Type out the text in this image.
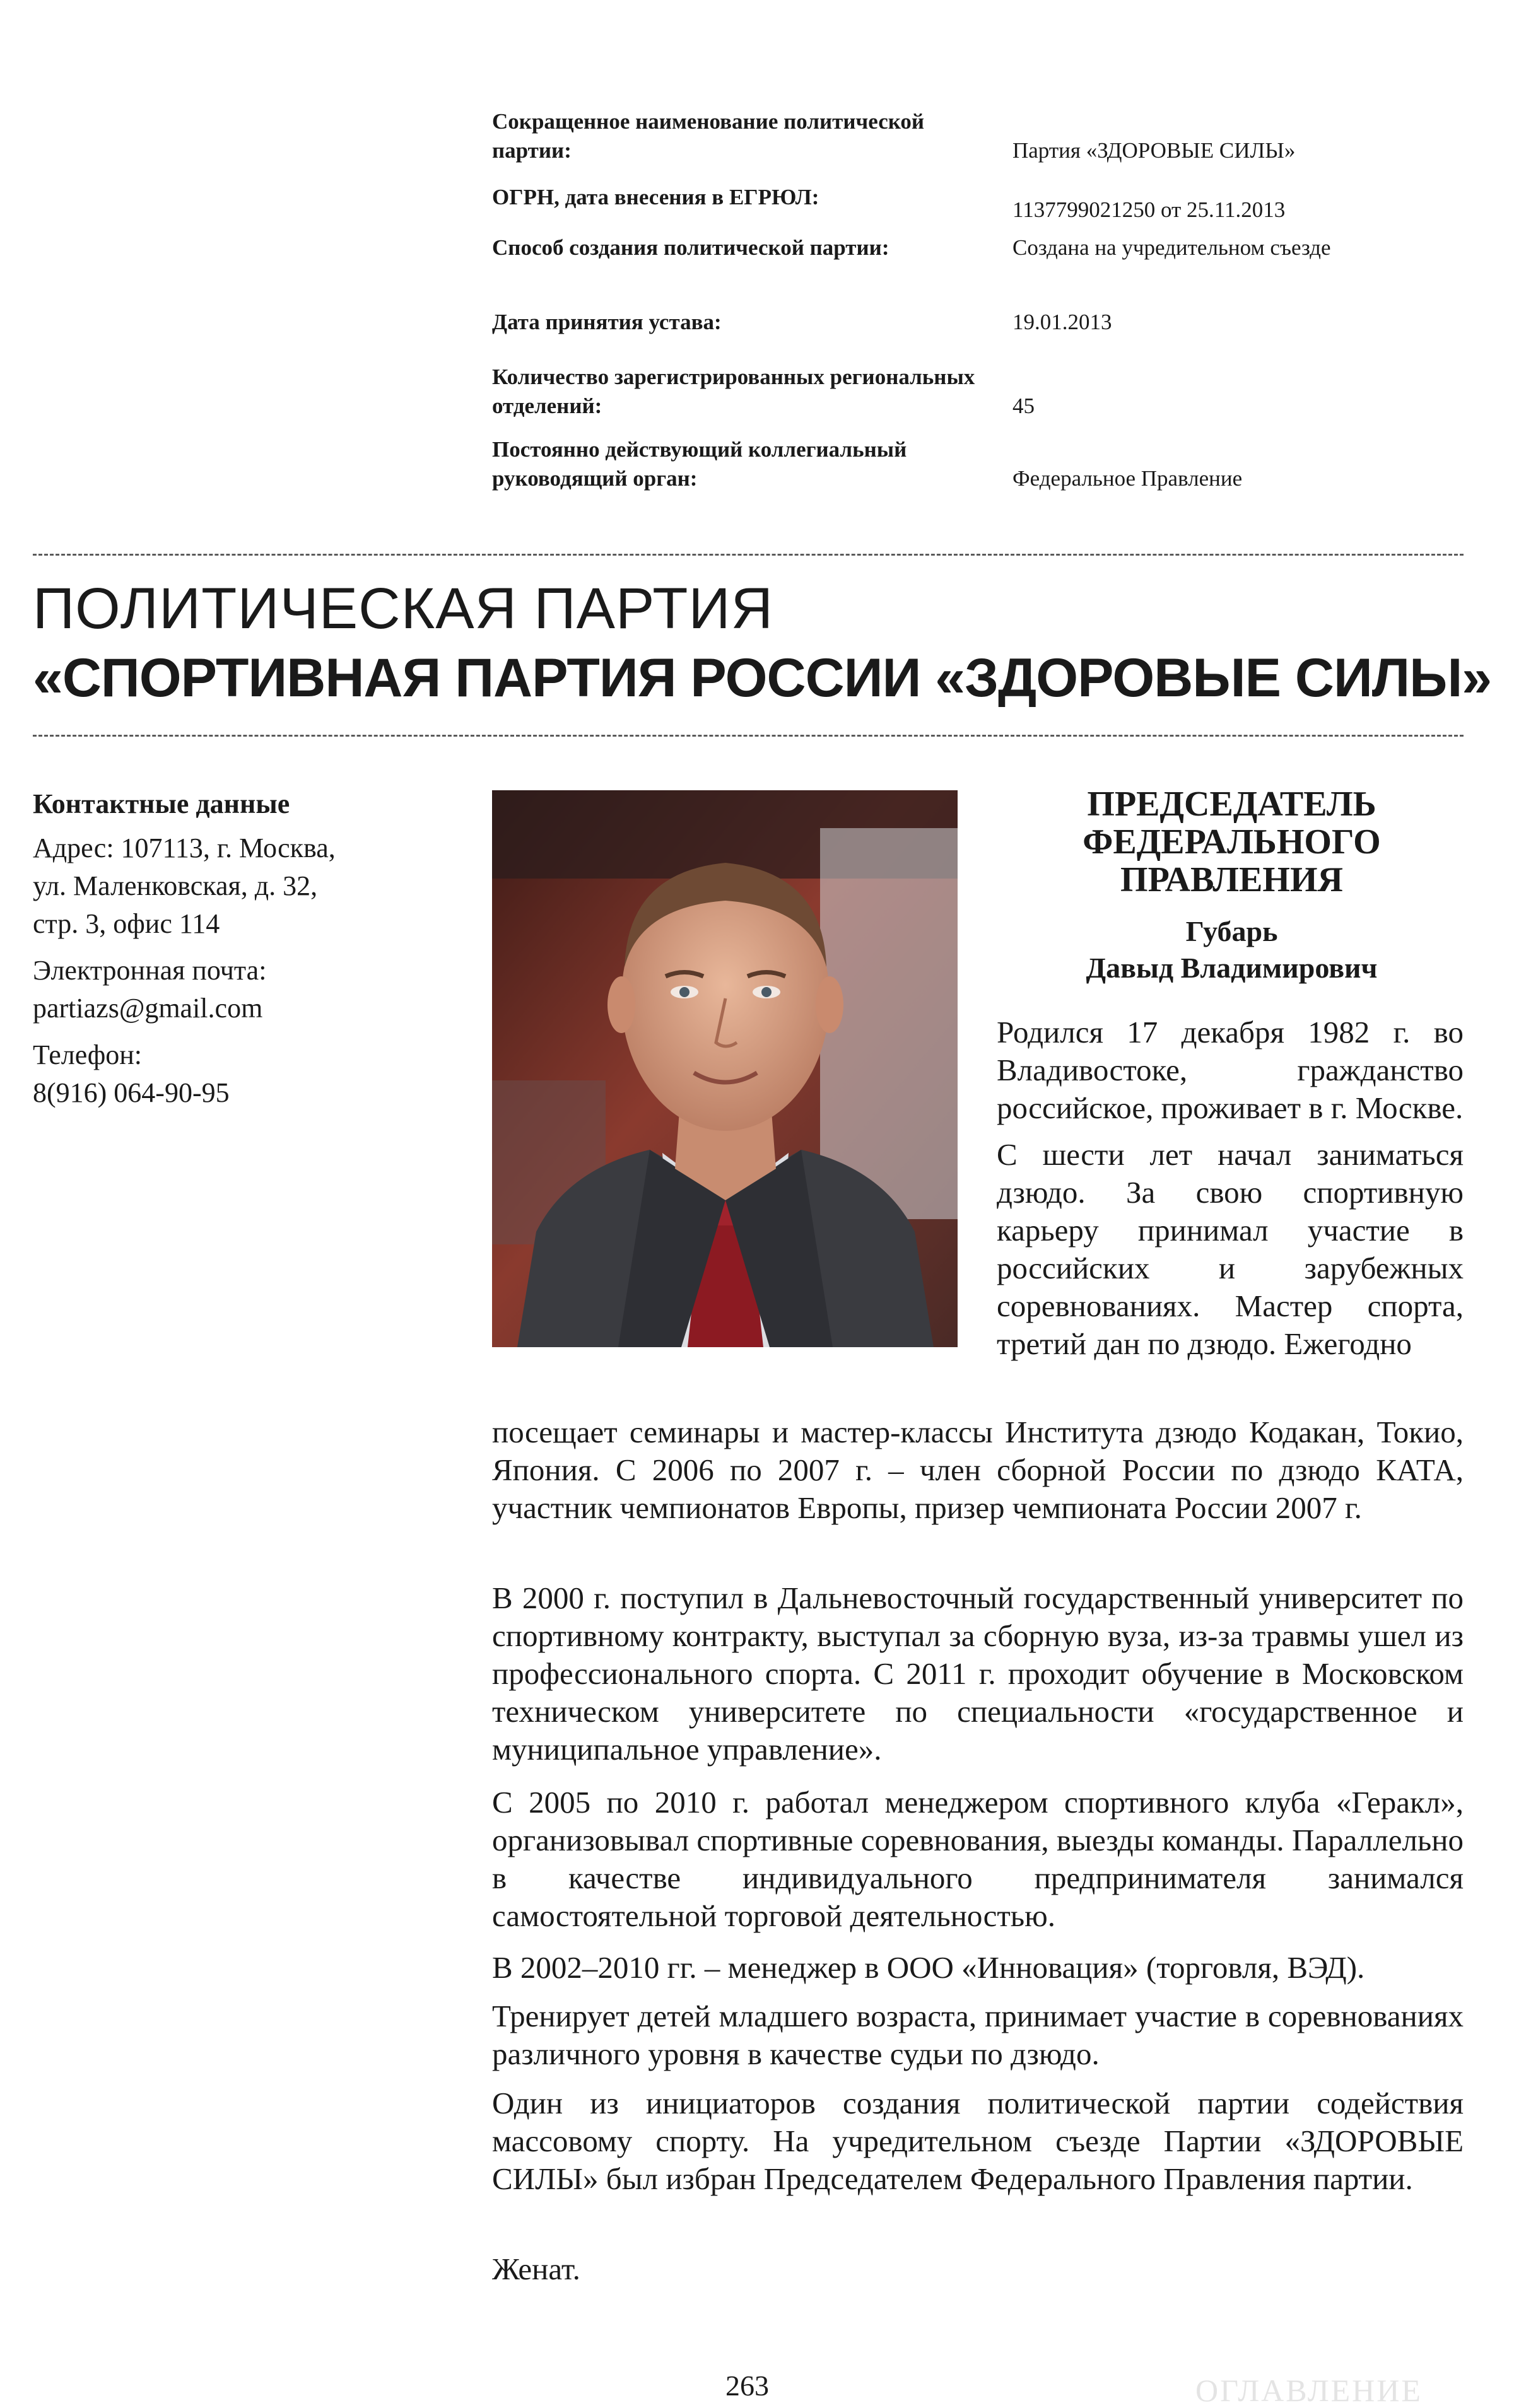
Сокращенное наименование политической партии:	Партия «ЗДОРОВЫЕ СИЛЫ»
ОГРН, дата внесения в ЕГРЮЛ:
1137799021250 от 25.11.2013
Способ создания политической партии:	Создана на учредительном съезде
Дата принятия устава:	19.01.2013
Количество зарегистрированных региональных отделений:	45
Постоянно действующий коллегиальный руководящий орган:	Федеральное Правление
ПОЛИТИЧЕСКАЯ ПАРТИЯ
«СПОРТИВНАЯ ПАРТИЯ РОССИИ «ЗДОРОВЫЕ СИЛЫ»
Контактные данные
Адрес: 107113, г. Москва,
ул. Маленковская, д. 32,
стр. 3, офис 114
Электронная почта:
partiazs@gmail.com
Телефон:
8(916) 064-90-95
ПРЕДСЕДАТЕЛЬ
ФЕДЕРАЛЬНОГО
ПРАВЛЕНИЯ
Губарь
Давыд Владимирович

Родился 17 декабря 1982 г. во Владивостоке, гражданство российское, проживает в г. Москве.

С шести лет начал заниматься дзюдо. За свою спортивную карьеру принимал участие в российских и зарубежных соревнованиях. Мастер спорта, третий дан по дзюдо. Ежегодно

посещает семинары и мастер-классы Института дзюдо Кодакан, Токио, Япония. С 2006 по 2007 г. – член сборной России по дзюдо КАТА, участник чемпионатов Европы, призер чемпионата России 2007 г.
В 2000 г. поступил в Дальневосточный государственный университет по спортивному контракту, выступал за сборную вуза, из-за травмы ушел из профессионального спорта. С 2011 г. проходит обучение в Московском техническом университете по специальности «государственное и муниципальное управление».
С 2005 по 2010 г. работал менеджером спортивного клуба «Геракл», организовывал спортивные соревнования, выезды команды. Параллельно в качестве индивидуального предпринимателя занимался самостоятельной торговой деятельностью.
В 2002–2010 гг. – менеджер в ООО «Инновация» (торговля, ВЭД).
Тренирует детей младшего возраста, принимает участие в соревнованиях различного уровня в качестве судьи по дзюдо.
Один из инициаторов создания политической партии содействия массовому спорту. На учредительном съезде Партии «ЗДОРОВЫЕ СИЛЫ» был избран Председателем Федерального Правления партии.
Женат.
263	ОГЛАВЛЕНИЕ
